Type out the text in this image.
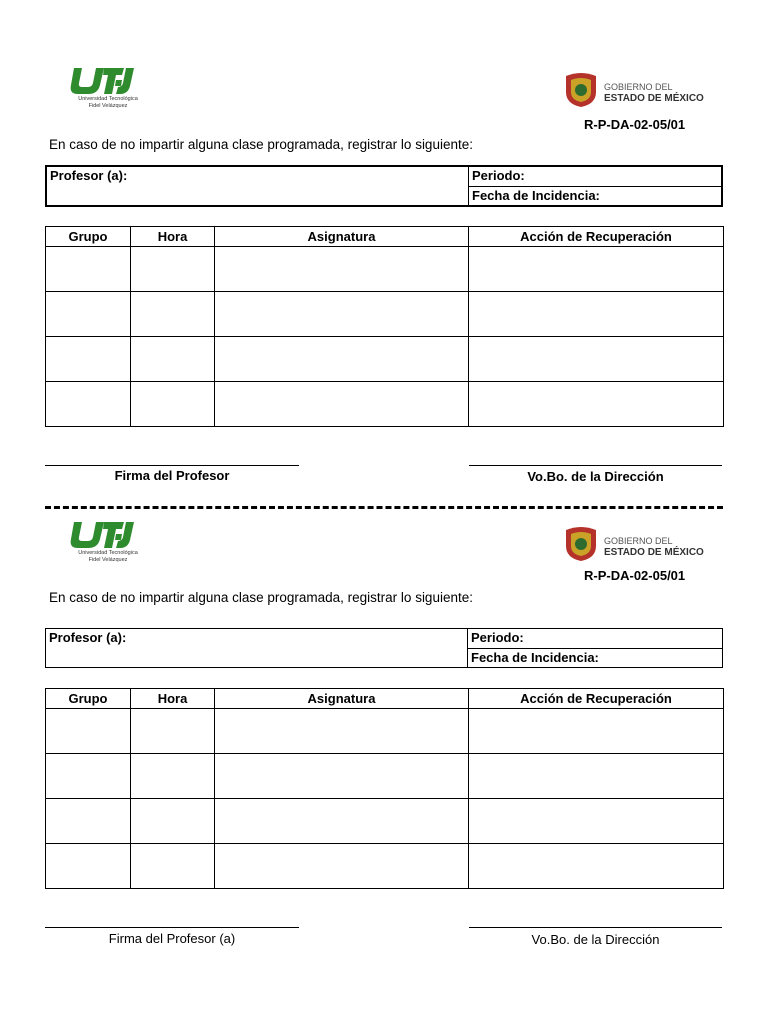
Universidad Tecnológica
Fidel Velázquez
GOBIERNO DEL
ESTADO DE MÉXICO
R-P-DA-02-05/01
En caso de no impartir alguna clase programada, registrar lo siguiente:
Profesor (a):	Periodo:
Fecha de Incidencia:
Grupo	Hora	Asignatura	Acción de Recuperación

Firma del Profesor	Vo.Bo. de la Dirección
Universidad Tecnológica
Fidel Velázquez
GOBIERNO DEL
ESTADO DE MÉXICO
R-P-DA-02-05/01
En caso de no impartir alguna clase programada, registrar lo siguiente:
Profesor (a):	Periodo:
Fecha de Incidencia:
Grupo	Hora	Asignatura	Acción de Recuperación

Firma del Profesor (a)	Vo.Bo. de la Dirección
